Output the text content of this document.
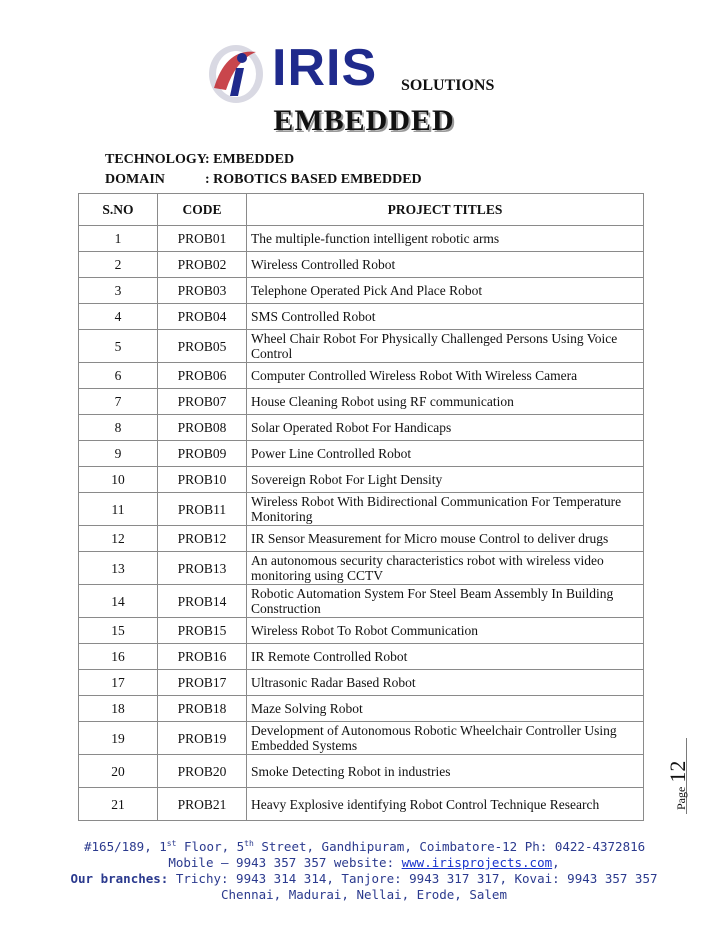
IRIS SOLUTIONS
EMBEDDED
TECHNOLOGY: EMBEDDED
DOMAIN	: ROBOTICS BASED EMBEDDED
S.NO	CODE	PROJECT TITLES
1	PROB01	The multiple-function intelligent robotic arms
2	PROB02	Wireless Controlled Robot
3	PROB03	Telephone Operated Pick And Place Robot
4	PROB04	SMS Controlled Robot
5	PROB05	Wheel Chair Robot For Physically Challenged Persons Using Voice Control
6	PROB06	Computer Controlled Wireless Robot With Wireless Camera
7	PROB07	House Cleaning Robot using RF communication
8	PROB08	Solar Operated Robot For Handicaps
9	PROB09	Power Line Controlled Robot
10	PROB10	Sovereign Robot For Light Density
11	PROB11	Wireless Robot With Bidirectional Communication For Temperature Monitoring
12	PROB12	IR Sensor Measurement for Micro mouse Control to deliver drugs
13	PROB13	An autonomous security characteristics robot with wireless video monitoring using CCTV
14	PROB14	Robotic Automation System For Steel Beam Assembly In Building Construction
15	PROB15	Wireless Robot To Robot Communication
16	PROB16	IR Remote Controlled Robot
17	PROB17	Ultrasonic Radar Based Robot
18	PROB18	Maze Solving Robot
19	PROB19	Development of Autonomous Robotic Wheelchair Controller Using Embedded Systems
20	PROB20	Smoke Detecting Robot in industries
21	PROB21	Heavy Explosive identifying Robot Control Technique Research	Page 12
#165/189, 1st Floor, 5th Street, Gandhipuram, Coimbatore-12 Ph: 0422-4372816
Mobile – 9943 357 357 website: www.irisprojects.com,
Our branches: Trichy: 9943 314 314, Tanjore: 9943 317 317, Kovai: 9943 357 357
Chennai, Madurai, Nellai, Erode, Salem
